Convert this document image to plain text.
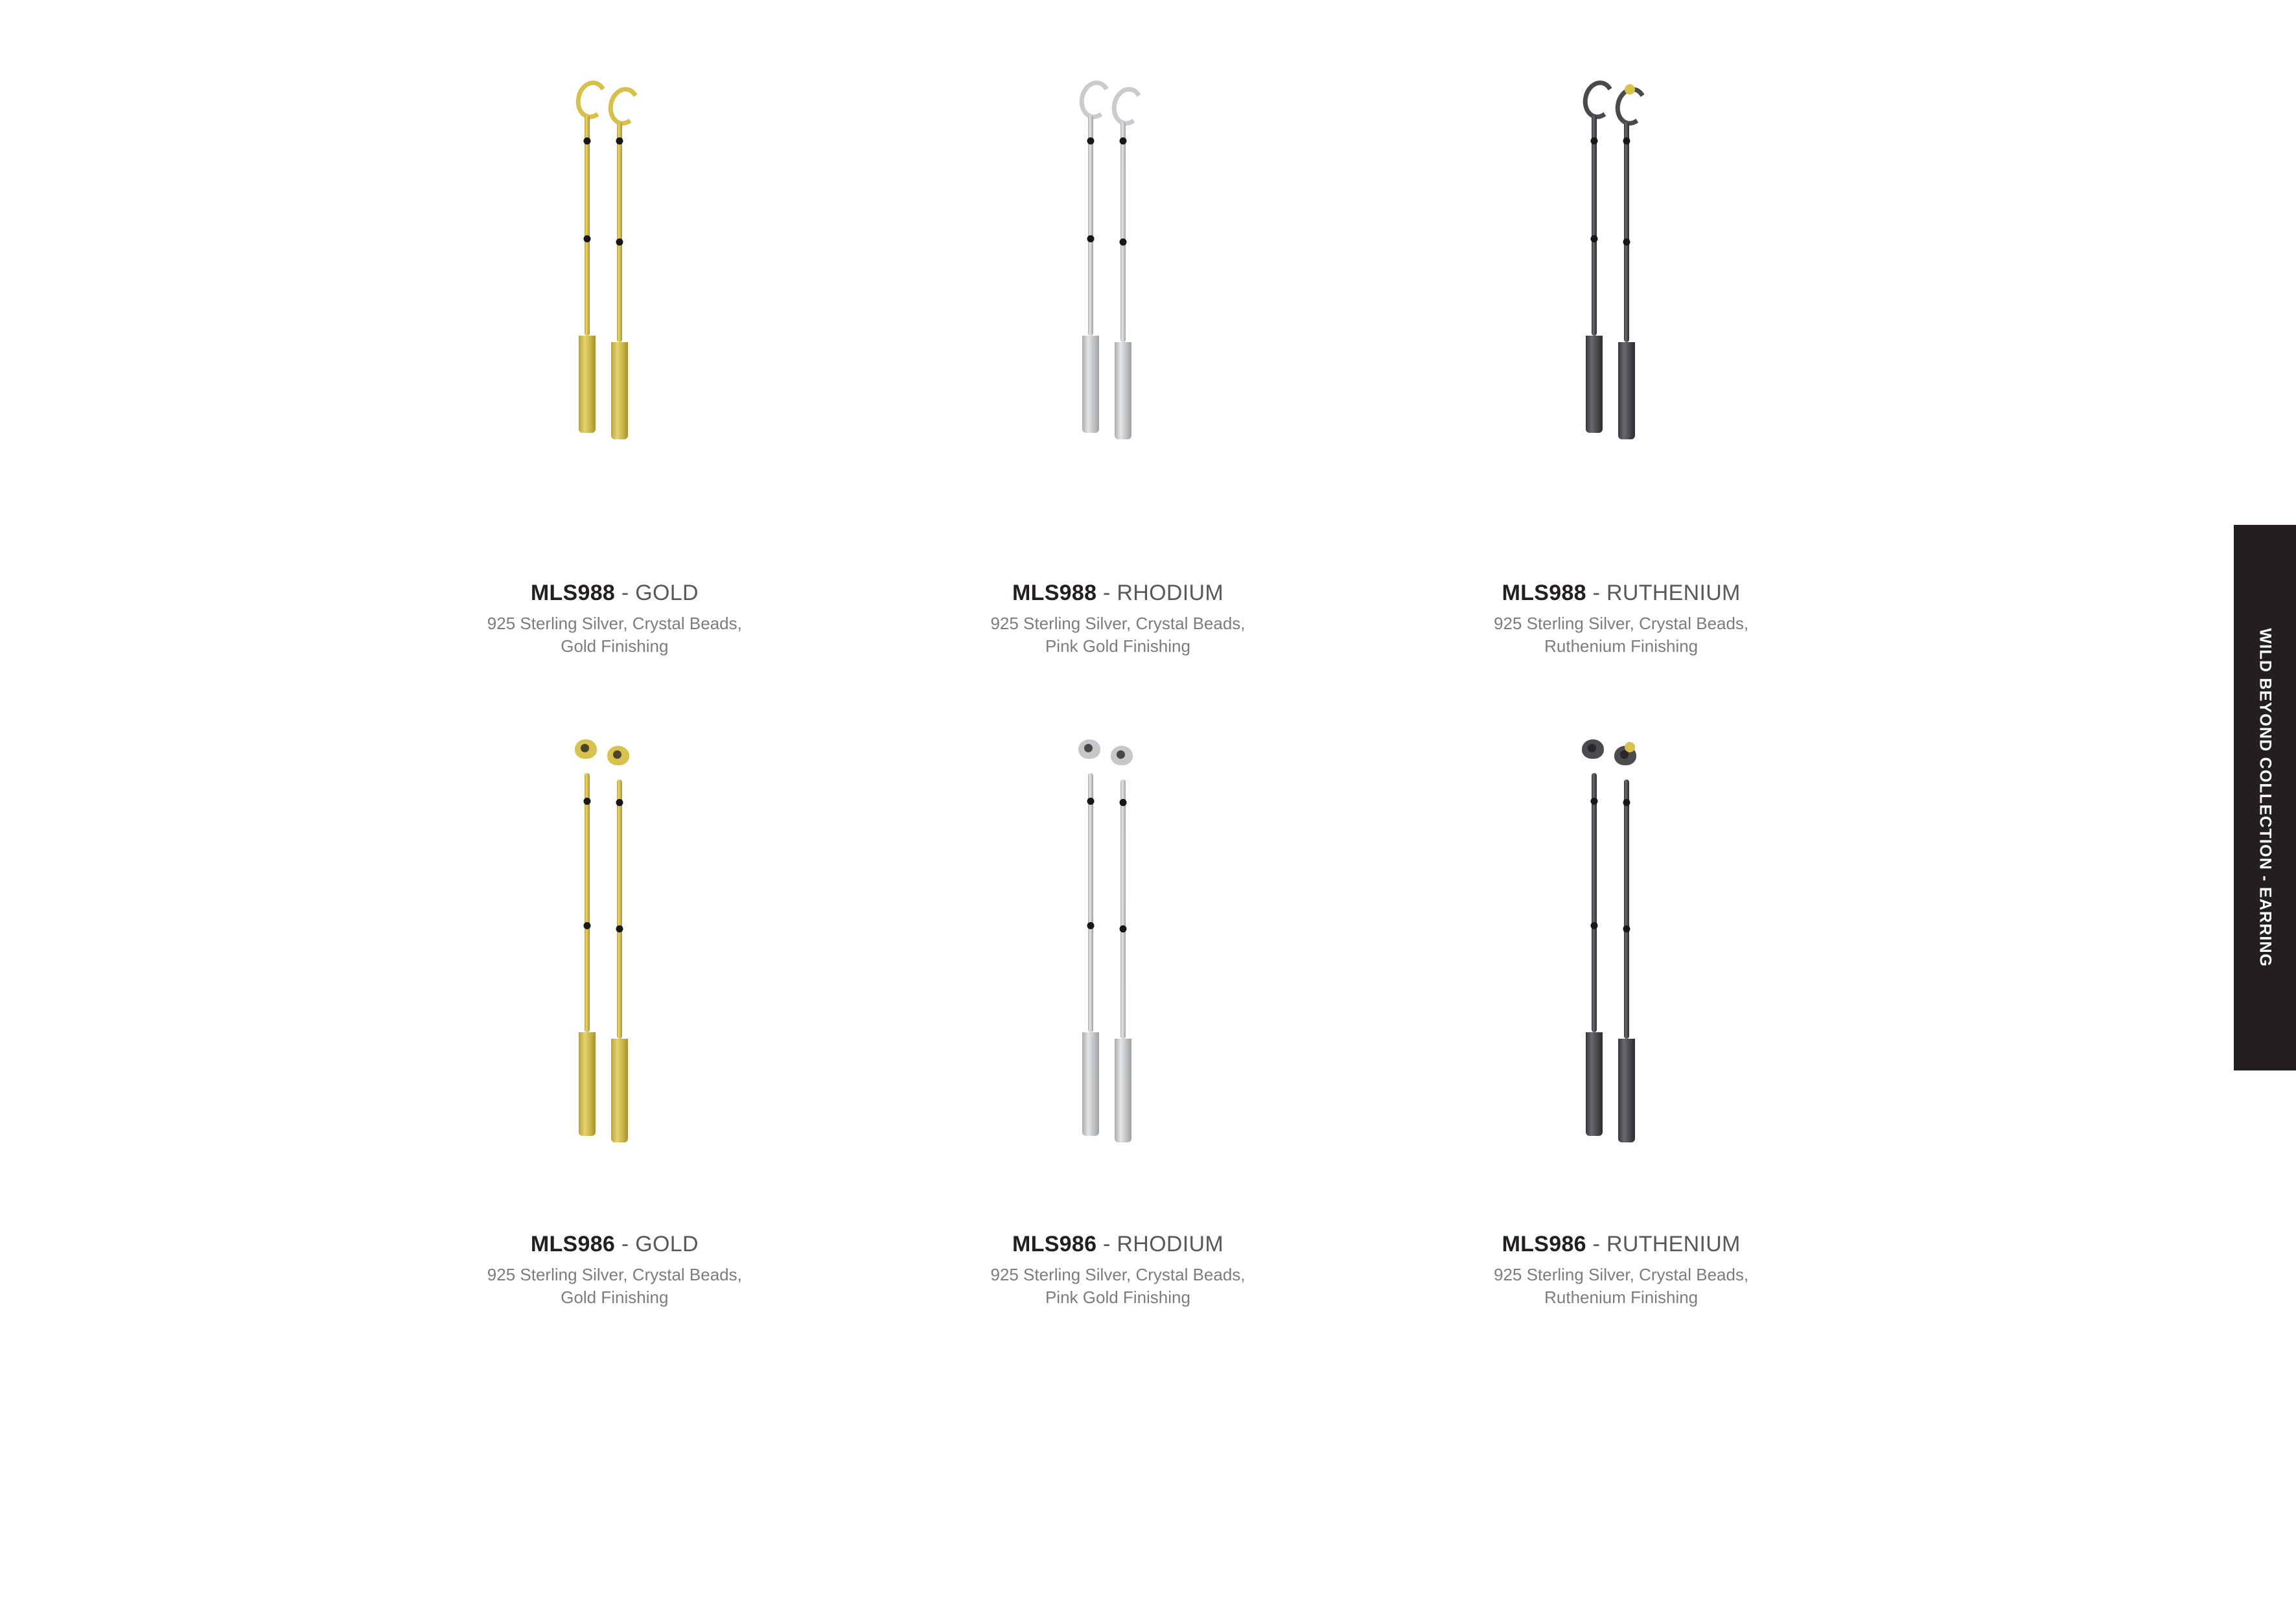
MLS988 - GOLD
925 Sterling Silver, Crystal Beads,
Gold Finishing
MLS988 - RHODIUM
925 Sterling Silver, Crystal Beads,
Pink Gold Finishing
MLS988 - RUTHENIUM
925 Sterling Silver, Crystal Beads,
Ruthenium Finishing
MLS986 - GOLD
925 Sterling Silver, Crystal Beads,
Gold Finishing
MLS986 - RHODIUM
925 Sterling Silver, Crystal Beads,
Pink Gold Finishing
MLS986 - RUTHENIUM
925 Sterling Silver, Crystal Beads,
Ruthenium Finishing
WILD BEYOND COLLECTION - EARRING
